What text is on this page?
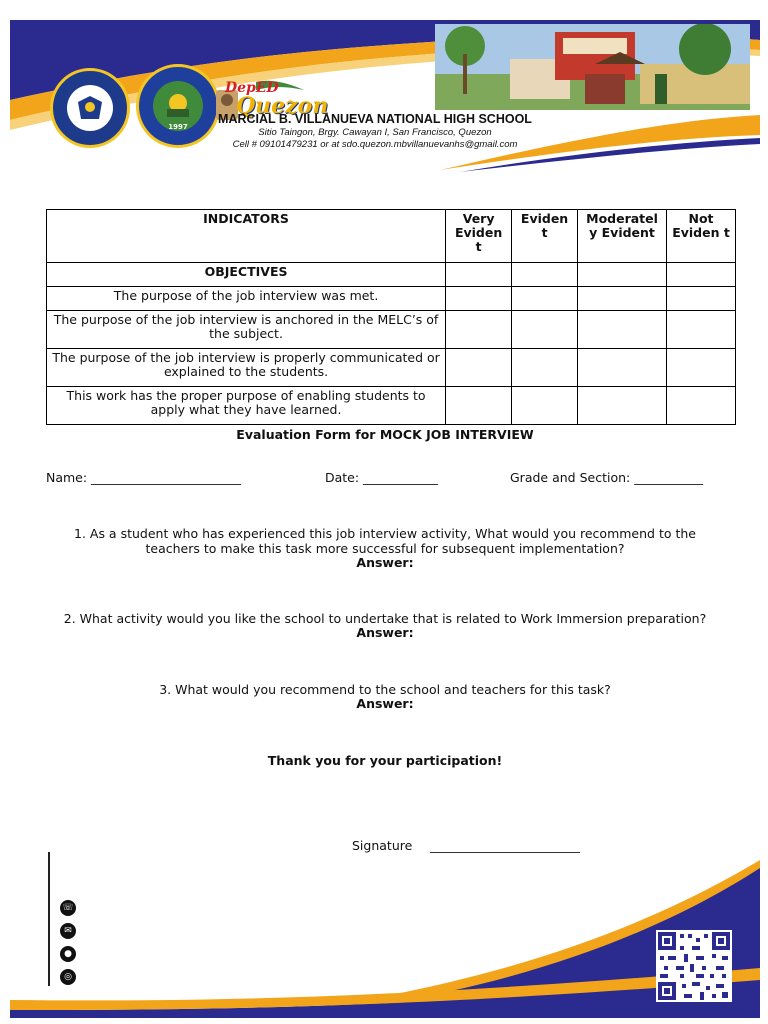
1997
DepED
Quezon
MARCIAL B. VILLANUEVA NATIONAL HIGH SCHOOL
Sitio Taingon, Brgy. Cawayan I, San Francisco, Quezon
Cell # 09101479231 or at sdo.quezon.mbvillanuevanhs@gmail.com
INDICATORS	Very Eviden t	Eviden t	Moderatel y Evident	Not Eviden t
OBJECTIVES				
The purpose of the job interview was met.				
The purpose of the job interview is anchored in the MELC’s of the subject.				
The purpose of the job interview is properly communicated or explained to the students.				
This work has the proper purpose of enabling students to apply what they have learned.				
Evaluation Form for MOCK JOB INTERVIEW
Name: ________________________	Date: ____________	Grade and Section: ___________
1. As a student who has experienced this job interview activity, What would you recommend to the
teachers to make this task more successful for subsequent implementation?
Answer:
2. What activity would you like the school to undertake that is related to Work Immersion preparation?
Answer:
3. What would you recommend to the school and teachers for this task?
Answer:
Thank you for your participation!
Signature ________________________
☏
✉
●
◎
